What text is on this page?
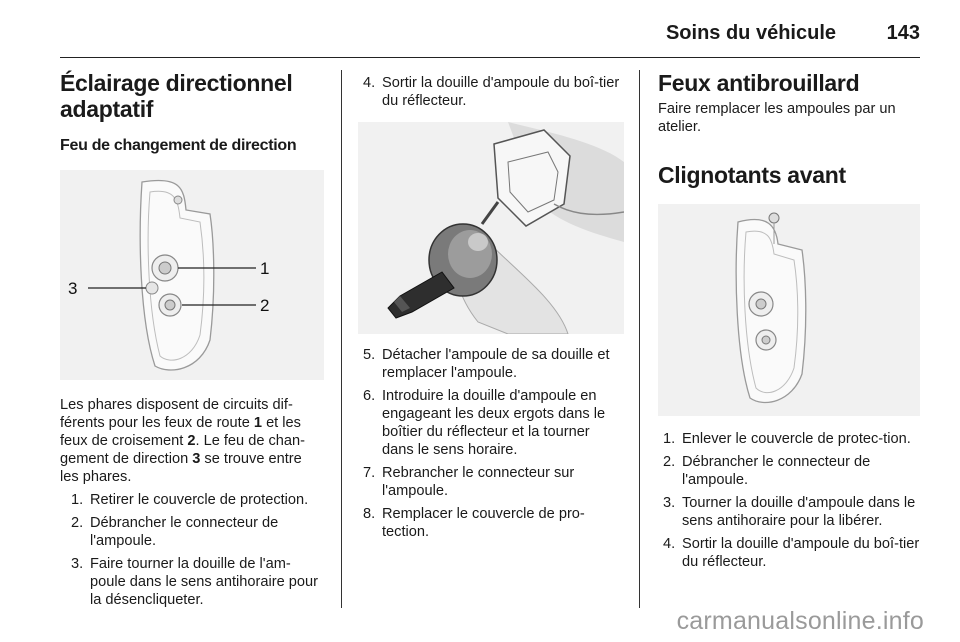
Soins du véhicule	143
Éclairage directionnel
adaptatif
Feu de changement de direction
1
2
3

Les phares disposent de circuits dif-
férents pour les feux de route 1 et les feux de croisement 2. Le feu de chan-gement de direction 3 se trouve entre les phares.

1. Retirer le couvercle de protection.
2. Débrancher le connecteur de l'ampoule.
3. Faire tourner la douille de l'am-poule dans le sens antihoraire pour la désencliqueter.
4. Sortir la douille d'ampoule du boî-tier du réflecteur.
5. Détacher l'ampoule de sa douille et remplacer l'ampoule.
6. Introduire la douille d'ampoule en engageant les deux ergots dans le boîtier du réflecteur et la tourner dans le sens horaire.
7. Rebrancher le connecteur sur l'ampoule.
8. Remplacer le couvercle de pro-tection.
Feux antibrouillard

Faire remplacer les ampoules par un atelier.

Clignotants avant
1. Enlever le couvercle de protec-tion.
2. Débrancher le connecteur de l'ampoule.
3. Tourner la douille d'ampoule dans le sens antihoraire pour la libérer.
4. Sortir la douille d'ampoule du boî-tier du réflecteur.
carmanualsonline.info
